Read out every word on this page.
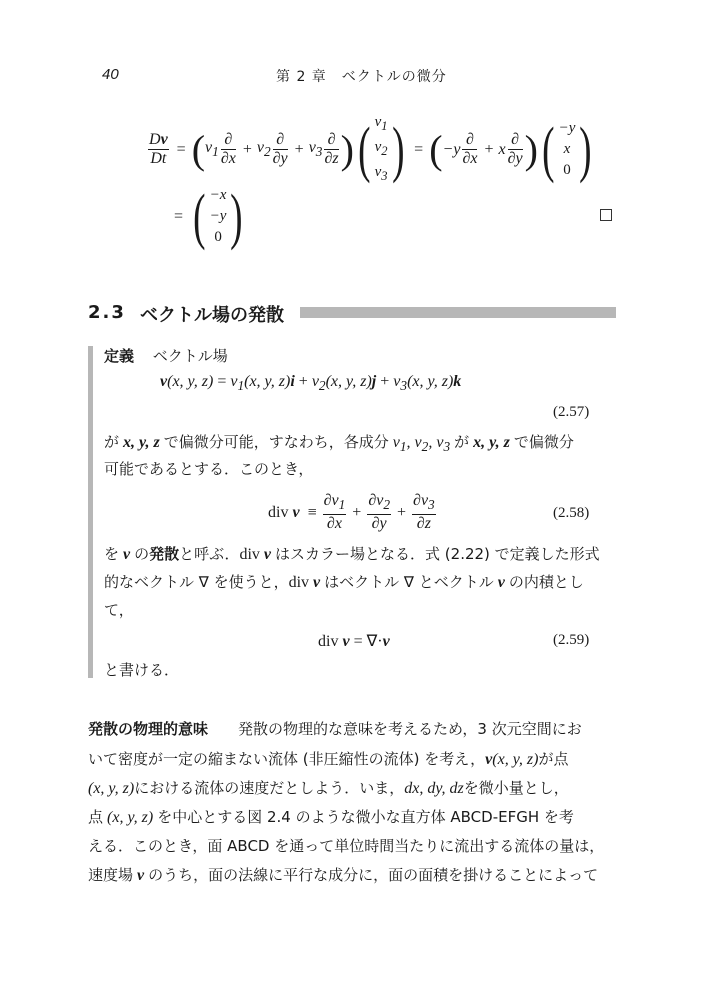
40	第 2 章　ベクトルの微分
$\frac{Dv}{Dt}$ = ( $v_1 \frac{\partial}{\partial x} + v_2 \frac{\partial}{\partial y} + v_3 \frac{\partial}{\partial z}$ ) ( $v_1$
$v_2$
$v_3$ ) = ( $-y \frac{\partial}{\partial x} + x \frac{\partial}{\partial y}$ ) ( −y
x
0 )
= ( −x
−y
0 )
2.3 ベクトル場の発散
定義 ベクトル場
v(x, y, $z) = v_1(x$, y, $z)i + v_2(x$, y, $z)j + v_3(x$, y, z)k
(2.57)
が x, y, z で偏微分可能，すなわち，各成分 $v_1$, $v_2$, $v_3$ が x, y, z で偏微分
可能であるとする．このとき，
div
v
≡ $\frac{\partial v_1}{\partial x} + \frac{\partial v_2}{\partial y} + \frac{\partial v_3}{\partial z}$	(2.58)
を v の発散と呼ぶ．div v はスカラー場となる．式 (2.22) で定義した形式
的なベクトル ∇ を使うと，div v はベクトル ∇ とベクトル v の内積とし
て，
div v = ∇·v	(2.59)
と書ける．
発散の物理的意味 発散の物理的な意味を考えるため，3 次元空間にお
いて密度が一定の縮まない流体 (非圧縮性の流体) を考え，v(x, y, z)が点
(x, y, z)における流体の速度だとしよう．いま，dx, dy, dzを微小量とし，
点 (x, y, z) を中心とする図 2.4 のような微小な直方体 ABCD-EFGH を考
える．このとき，面 ABCD を通って単位時間当たりに流出する流体の量は，
速度場 v のうち，面の法線に平行な成分に，面の面積を掛けることによって
